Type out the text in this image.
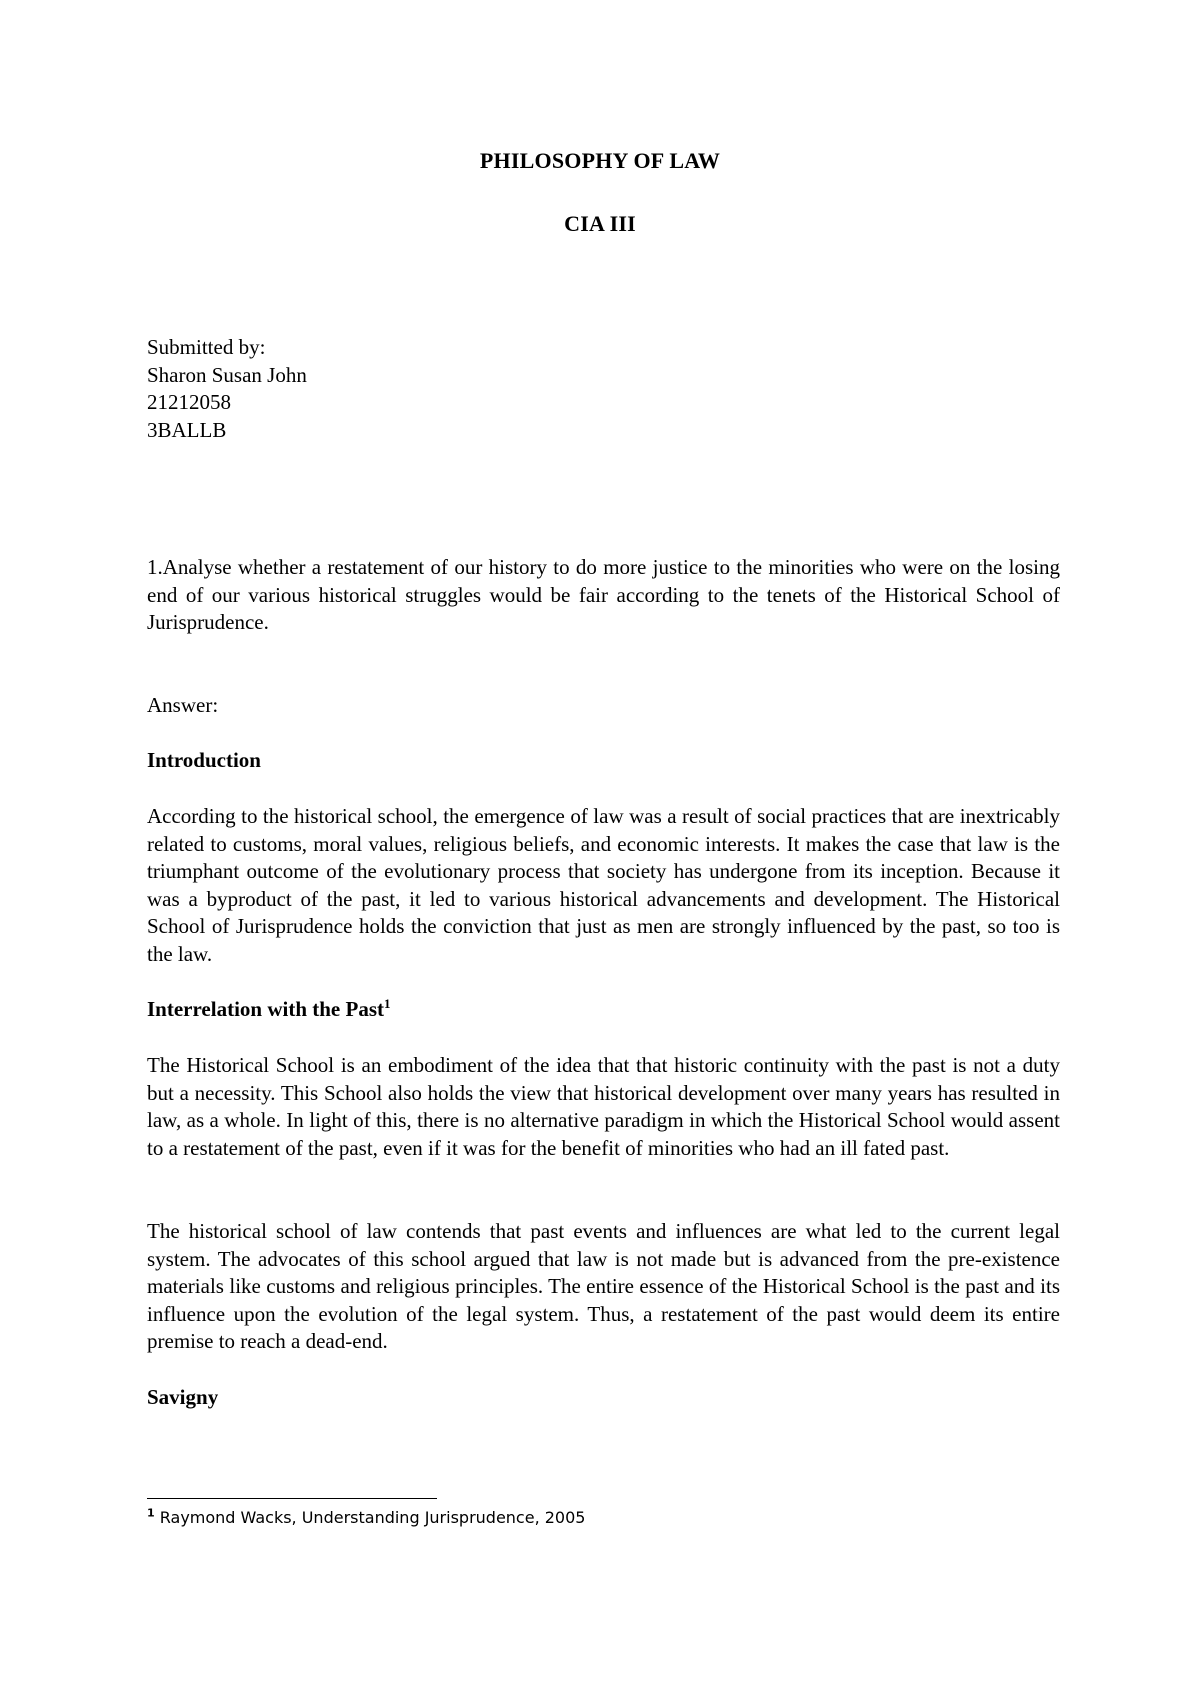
PHILOSOPHY OF LAW
CIA III
Submitted by:
Sharon Susan John
21212058
3BALLB
1.Analyse whether a restatement of our history to do more justice to the minorities who were on the losing end of our various historical struggles would be fair according to the tenets of the Historical School of Jurisprudence.
Answer:
Introduction
According to the historical school, the emergence of law was a result of social practices that are inextricably related to customs, moral values, religious beliefs, and economic interests. It makes the case that law is the triumphant outcome of the evolutionary process that society has undergone from its inception. Because it was a byproduct of the past, it led to various historical advancements and development. The Historical School of Jurisprudence holds the conviction that just as men are strongly influenced by the past, so too is the law.
Interrelation with the Past$^1$
The Historical School is an embodiment of the idea that that historic continuity with the past is not a duty but a necessity. This School also holds the view that historical development over many years has resulted in law, as a whole. In light of this, there is no alternative paradigm in which the Historical School would assent to a restatement of the past, even if it was for the benefit of minorities who had an ill fated past.
The historical school of law contends that past events and influences are what led to the current legal system. The advocates of this school argued that law is not made but is advanced from the pre-existence materials like customs and religious principles. The entire essence of the Historical School is the past and its influence upon the evolution of the legal system. Thus, a restatement of the past would deem its entire premise to reach a dead-end.
Savigny
$^1$ Raymond Wacks, Understanding Jurisprudence, 2005
